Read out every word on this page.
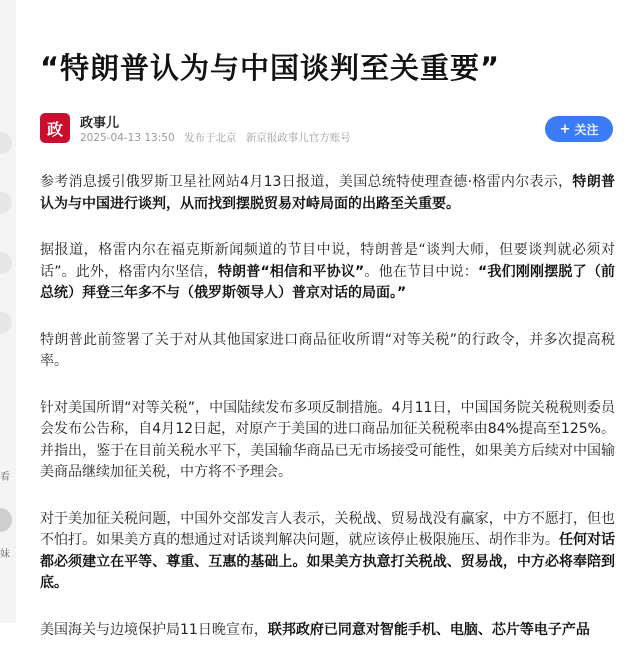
看
妹
“特朗普认为与中国谈判至关重要”
政 政事儿
2025-04-13 13:50 发布于北京 新京报政事儿官方账号
+ 关注

参考消息援引俄罗斯卫星社网站4月13日报道，美国总统特使理查德·格雷内尔表示，特朗普认为与中国进行谈判，从而找到摆脱贸易对峙局面的出路至关重要。

据报道，格雷内尔在福克斯新闻频道的节目中说，特朗普是“谈判大师，但要谈判就必须对话”。此外，格雷内尔坚信，特朗普“相信和平协议”。他在节目中说：“我们刚刚摆脱了（前总统）拜登三年多不与（俄罗斯领导人）普京对话的局面。”

特朗普此前签署了关于对从其他国家进口商品征收所谓“对等关税”的行政令，并多次提高税率。

针对美国所谓“对等关税”，中国陆续发布多项反制措施。4月11日，中国国务院关税税则委员会发布公告称，自4月12日起，对原产于美国的进口商品加征关税税率由84%提高至125%。并指出，鉴于在目前关税水平下，美国输华商品已无市场接受可能性，如果美方后续对中国输美商品继续加征关税，中方将不予理会。

对于美加征关税问题，中国外交部发言人表示，关税战、贸易战没有赢家，中方不愿打，但也不怕打。如果美方真的想通过对话谈判解决问题，就应该停止极限施压、胡作非为。任何对话都必须建立在平等、尊重、互惠的基础上。如果美方执意打关税战、贸易战，中方必将奉陪到底。

美国海关与边境保护局11日晚宣布，联邦政府已同意对智能手机、电脑、芯片等电子产品
